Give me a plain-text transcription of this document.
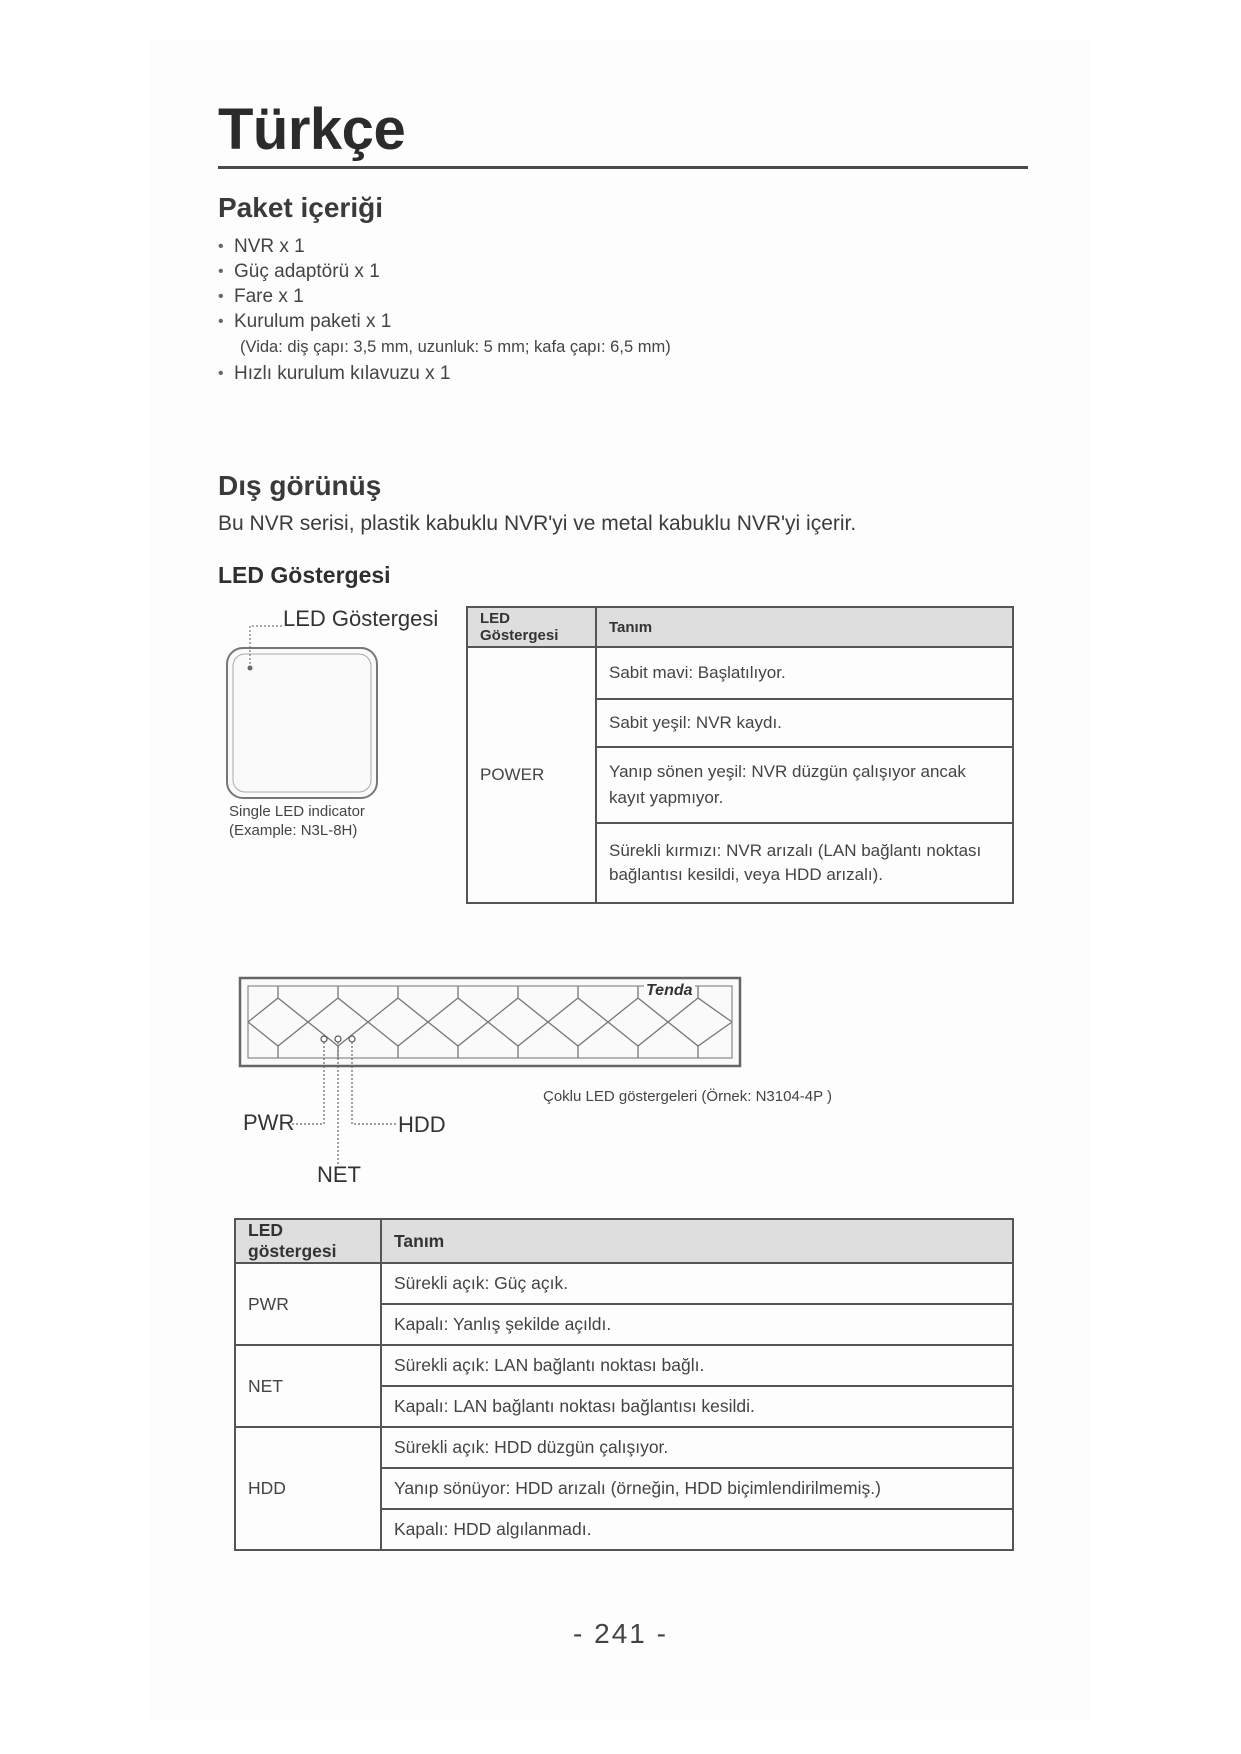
Türkçe
Paket içeriği
• NVR x 1
• Güç adaptörü x 1
• Fare x 1
• Kurulum paketi x 1
(Vida: diş çapı: 3,5 mm, uzunluk: 5 mm; kafa çapı: 6,5 mm)
• Hızlı kurulum kılavuzu x 1
Dış görünüş
Bu NVR serisi, plastik kabuklu NVR'yi ve metal kabuklu NVR'yi içerir.
LED Göstergesi
LED Göstergesi
Single LED indicator
(Example: N3L-8H)
LED Göstergesi	Tanım
POWER	Sabit mavi: Başlatılıyor.
	Sabit yeşil: NVR kaydı.
	Yanıp sönen yeşil: NVR düzgün çalışıyor ancak kayıt yapmıyor.
	Sürekli kırmızı: NVR arızalı (LAN bağlantı noktası bağlantısı kesildi, veya HDD arızalı).
Tenda
PWR	HDD
NET
Çoklu LED göstergeleri (Örnek: N3104-4P )
LED göstergesi	Tanım
PWR	Sürekli açık: Güç açık.
	Kapalı: Yanlış şekilde açıldı.
NET	Sürekli açık: LAN bağlantı noktası bağlı.
	Kapalı: LAN bağlantı noktası bağlantısı kesildi.
HDD	Sürekli açık: HDD düzgün çalışıyor.
	Yanıp sönüyor: HDD arızalı (örneğin, HDD biçimlendirilmemiş.)
	Kapalı: HDD algılanmadı.
- 241 -
